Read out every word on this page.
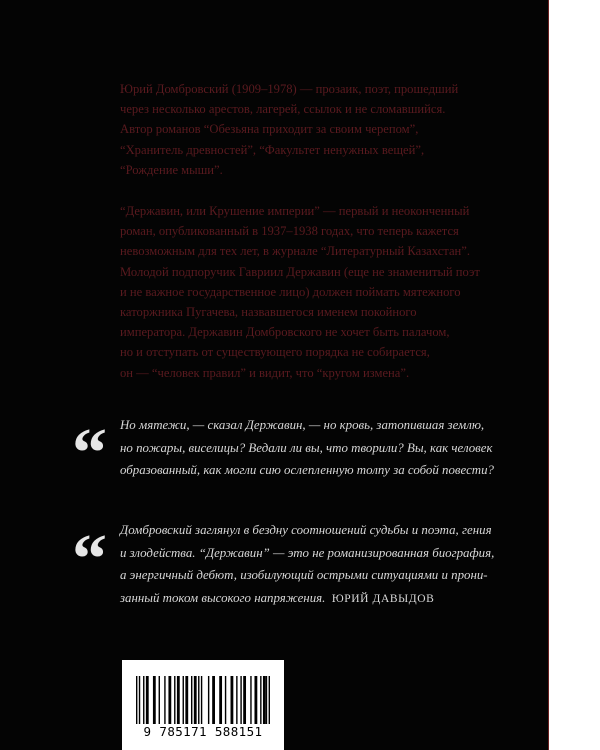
Юрий Домбровский (1909–1978) — прозаик, поэт, прошедший
через несколько арестов, лагерей, ссылок и не сломавшийся.
Автор романов “Обезьяна приходит за своим черепом”,
“Хранитель древностей”, “Факультет ненужных вещей”,
“Рождение мыши”.

“Державин, или Крушение империи” — первый и неоконченный
роман, опубликованный в 1937–1938 годах, что теперь кажется
невозможным для тех лет, в журнале “Литературный Казахстан”.
Молодой подпоручик Гавриил Державин (еще не знаменитый поэт
и не важное государственное лицо) должен поймать мятежного
каторжника Пугачева, назвавшегося именем покойного
императора. Державин Домбровского не хочет быть палачом,
но и отступать от существующего порядка не собирается,
он — “человек правил” и видит, что “кругом измена”.

“ Но мятежи, — сказал Державин, — но кровь, затопившая землю,
но пожары, виселицы? Ведали ли вы, что творили? Вы, как человек
образованный, как могли сию ослепленную толпу за собой повести?
“ Домбровский заглянул в бездну соотношений судьбы и поэта, гения
и злодейства. “Державин” — это не романизированная биография,
а энергичный дебют, изобилующий острыми ситуациями и прони-
занный током высокого напряжения. ЮРИЙ ДАВЫДОВ
9 785171 588151
